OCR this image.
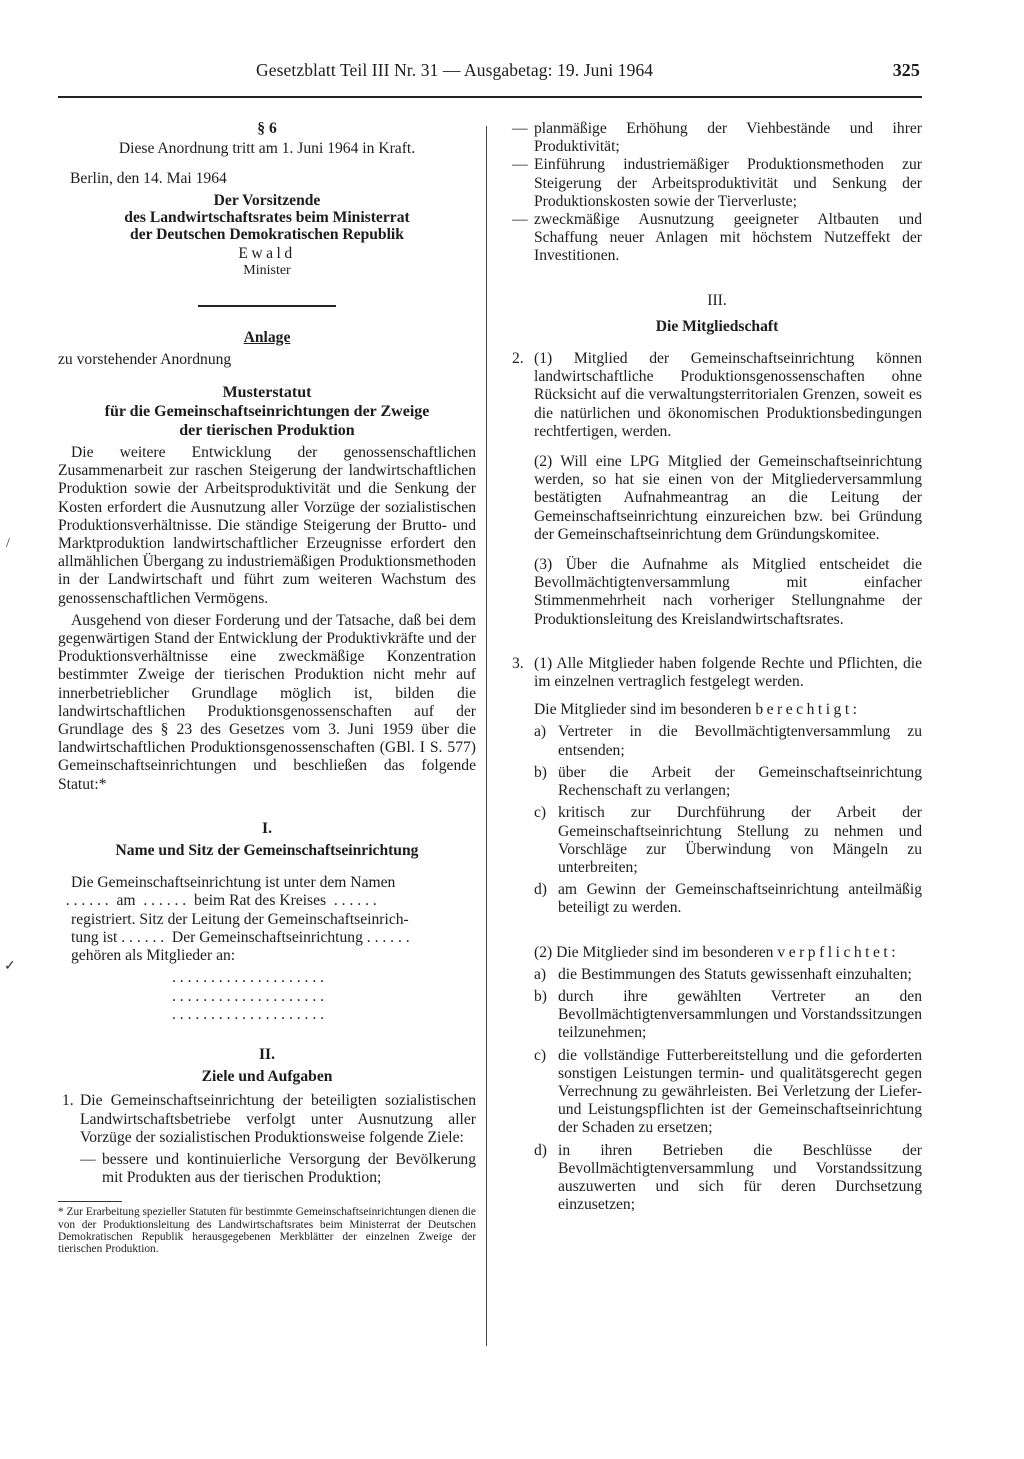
Gesetzblatt Teil III Nr. 31 — Ausgabetag: 19. Juni 1964	325
/
✓

§ 6

Diese Anordnung tritt am 1. Juni 1964 in Kraft.

Berlin, den 14. Mai 1964

Der Vorsitzende

des Landwirtschaftsrates beim Ministerrat

der Deutschen Demokratischen Republik

Ewald

Minister

Anlage

zu vorstehender Anordnung

Musterstatut

für die Gemeinschaftseinrichtungen der Zweige

der tierischen Produktion

Die weitere Entwicklung der genossenschaftlichen Zusammenarbeit zur raschen Steigerung der landwirtschaftlichen Produktion sowie der Arbeitsproduktivität und die Senkung der Kosten erfordert die Ausnutzung aller Vorzüge der sozialistischen Produktionsverhältnisse. Die ständige Steigerung der Brutto- und Marktproduktion landwirtschaftlicher Erzeugnisse erfordert den allmählichen Übergang zu industriemäßigen Produktionsmethoden in der Landwirtschaft und führt zum weiteren Wachstum des genossenschaftlichen Vermögens.

Ausgehend von dieser Forderung und der Tatsache, daß bei dem gegenwärtigen Stand der Entwicklung der Produktivkräfte und der Produktionsverhältnisse eine zweckmäßige Konzentration bestimmter Zweige der tierischen Produktion nicht mehr auf innerbetrieblicher Grundlage möglich ist, bilden die landwirtschaftlichen Produktionsgenossenschaften auf der Grundlage des § 23 des Gesetzes vom 3. Juni 1959 über die landwirtschaftlichen Produktionsgenossenschaften (GBl. I S. 577) Gemeinschaftseinrichtungen und beschließen das folgende Statut:*

I.

Name und Sitz der Gemeinschaftseinrichtung

Die Gemeinschaftseinrichtung ist unter dem Namen

. . . . . .  am  . . . . . .  beim Rat des Kreises  . . . . . .

registriert. Sitz der Leitung der Gemeinschaftseinrich-

tung ist . . . . . .  Der Gemeinschaftseinrichtung . . . . . .

gehören als Mitglieder an:

. . . . . . . . . . . . . . . . . . . .

. . . . . . . . . . . . . . . . . . . .

. . . . . . . . . . . . . . . . . . . .

II.

Ziele und Aufgaben

1. Die Gemeinschaftseinrichtung der beteiligten sozialistischen Landwirtschaftsbetriebe verfolgt unter Ausnutzung aller Vorzüge der sozialistischen Produktionsweise folgende Ziele:

— bessere und kontinuierliche Versorgung der Bevölkerung mit Produkten aus der tierischen Produktion;

* Zur Erarbeitung spezieller Statuten für bestimmte Gemeinschaftseinrichtungen dienen die von der Produktionsleitung des Landwirtschaftsrates beim Ministerrat der Deutschen Demokratischen Republik herausgegebenen Merkblätter der einzelnen Zweige der tierischen Produktion.

— planmäßige Erhöhung der Viehbestände und ihrer Produktivität;

— Einführung industriemäßiger Produktionsmethoden zur Steigerung der Arbeitsproduktivität und Senkung der Produktionskosten sowie der Tierverluste;

— zweckmäßige Ausnutzung geeigneter Altbauten und Schaffung neuer Anlagen mit höchstem Nutzeffekt der Investitionen.

III.

Die Mitgliedschaft

2. (1) Mitglied der Gemeinschaftseinrichtung können landwirtschaftliche Produktionsgenossenschaften ohne Rücksicht auf die verwaltungsterritorialen Grenzen, soweit es die natürlichen und ökonomischen Produktionsbedingungen rechtfertigen, werden.

(2) Will eine LPG Mitglied der Gemeinschaftseinrichtung werden, so hat sie einen von der Mitgliederversammlung bestätigten Aufnahmeantrag an die Leitung der Gemeinschaftseinrichtung einzureichen bzw. bei Gründung der Gemeinschaftseinrichtung dem Gründungskomitee.

(3) Über die Aufnahme als Mitglied entscheidet die Bevollmächtigtenversammlung mit einfacher Stimmenmehrheit nach vorheriger Stellungnahme der Produktionsleitung des Kreislandwirtschaftsrates.

3. (1) Alle Mitglieder haben folgende Rechte und Pflichten, die im einzelnen vertraglich festgelegt werden.

Die Mitglieder sind im besonderen berechtigt:

a) Vertreter in die Bevollmächtigtenversammlung zu entsenden;

b) über die Arbeit der Gemeinschaftseinrichtung Rechenschaft zu verlangen;

c) kritisch zur Durchführung der Arbeit der Gemeinschaftseinrichtung Stellung zu nehmen und Vorschläge zur Überwindung von Mängeln zu unterbreiten;

d) am Gewinn der Gemeinschaftseinrichtung anteilmäßig beteiligt zu werden.

(2) Die Mitglieder sind im besonderen verpflichtet:

a) die Bestimmungen des Statuts gewissenhaft einzuhalten;

b) durch ihre gewählten Vertreter an den Bevollmächtigtenversammlungen und Vorstandssitzungen teilzunehmen;

c) die vollständige Futterbereitstellung und die geforderten sonstigen Leistungen termin- und qualitätsgerecht gegen Verrechnung zu gewährleisten. Bei Verletzung der Liefer- und Leistungspflichten ist der Gemeinschaftseinrichtung der Schaden zu ersetzen;

d) in ihren Betrieben die Beschlüsse der Bevollmächtigtenversammlung und Vorstandssitzung auszuwerten und sich für deren Durchsetzung einzusetzen;
